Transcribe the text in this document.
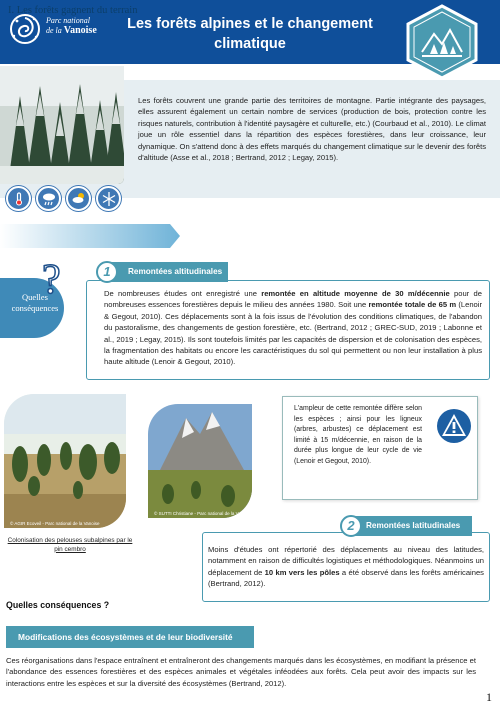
Parc national
de la Vanoise	Les forêts alpines et le changement climatique
Les forêts couvrent une grande partie des territoires de montagne. Partie intégrante des paysages, elles assurent également un certain nombre de services (production de bois, protection contre les risques naturels, contribution à l'identité paysagère et culturelle, etc.) (Courbaud et al., 2010). Le climat joue un rôle essentiel dans la répartition des espèces forestières, dans leur croissance, leur dynamique. On s'attend donc à des effets marqués du changement climatique sur le devenir des forêts d'altitude (Asse et al., 2018 ; Bertrand, 2012 ; Legay, 2015).
I. Les forêts gagnent du terrain
?
Quelles conséquences
Remontées altitudinales
1
De nombreuses études ont enregistré une remontée en altitude moyenne de 30 m/décennie pour de nombreuses essences forestières depuis le milieu des années 1980. Soit une remontée totale de 65 m (Lenoir & Gegout, 2010). Ces déplacements sont à la fois issus de l'évolution des conditions climatiques, de l'abandon du pastoralisme, des changements de gestion forestière, etc. (Bertrand, 2012 ; GREC-SUD, 2019 ; Labonne et al., 2019 ; Legay, 2015). Ils sont toutefois limités par les capacités de dispersion et de colonisation des espèces, la fragmentation des habitats ou encore les caractéristiques du sol qui permettent ou non leur installation à plus haute altitude (Lenoir & Gegout, 2010).
© AGIR Ecoveil - Parc national de la Vanoise
Colonisation des pelouses subalpines par le pin cembro
© SUTTI Christiane - Parc national de la Vanoise
L'ampleur de cette remontée diffère selon les espèces ; ainsi pour les ligneux (arbres, arbustes) ce déplacement est limité à 15 m/décennie, en raison de la durée plus longue de leur cycle de vie (Lenoir et Gegout, 2010).
Remontées latitudinales
2
Moins d'études ont répertorié des déplacements au niveau des latitudes, notamment en raison de difficultés logistiques et méthodologiques. Néanmoins un déplacement de 10 km vers les pôles a été observé dans les forêts américaines (Bertrand, 2012).
Quelles conséquences ?
Modifications des écosystèmes et de leur biodiversité
Ces réorganisations dans l'espace entraînent et entraîneront des changements marqués dans les écosystèmes, en modifiant la présence et l'abondance des essences forestières et des espèces animales et végétales inféodées aux forêts. Cela peut avoir des impacts sur les interactions entre les espèces et sur la diversité des écosystèmes (Bertrand, 2012).
1
